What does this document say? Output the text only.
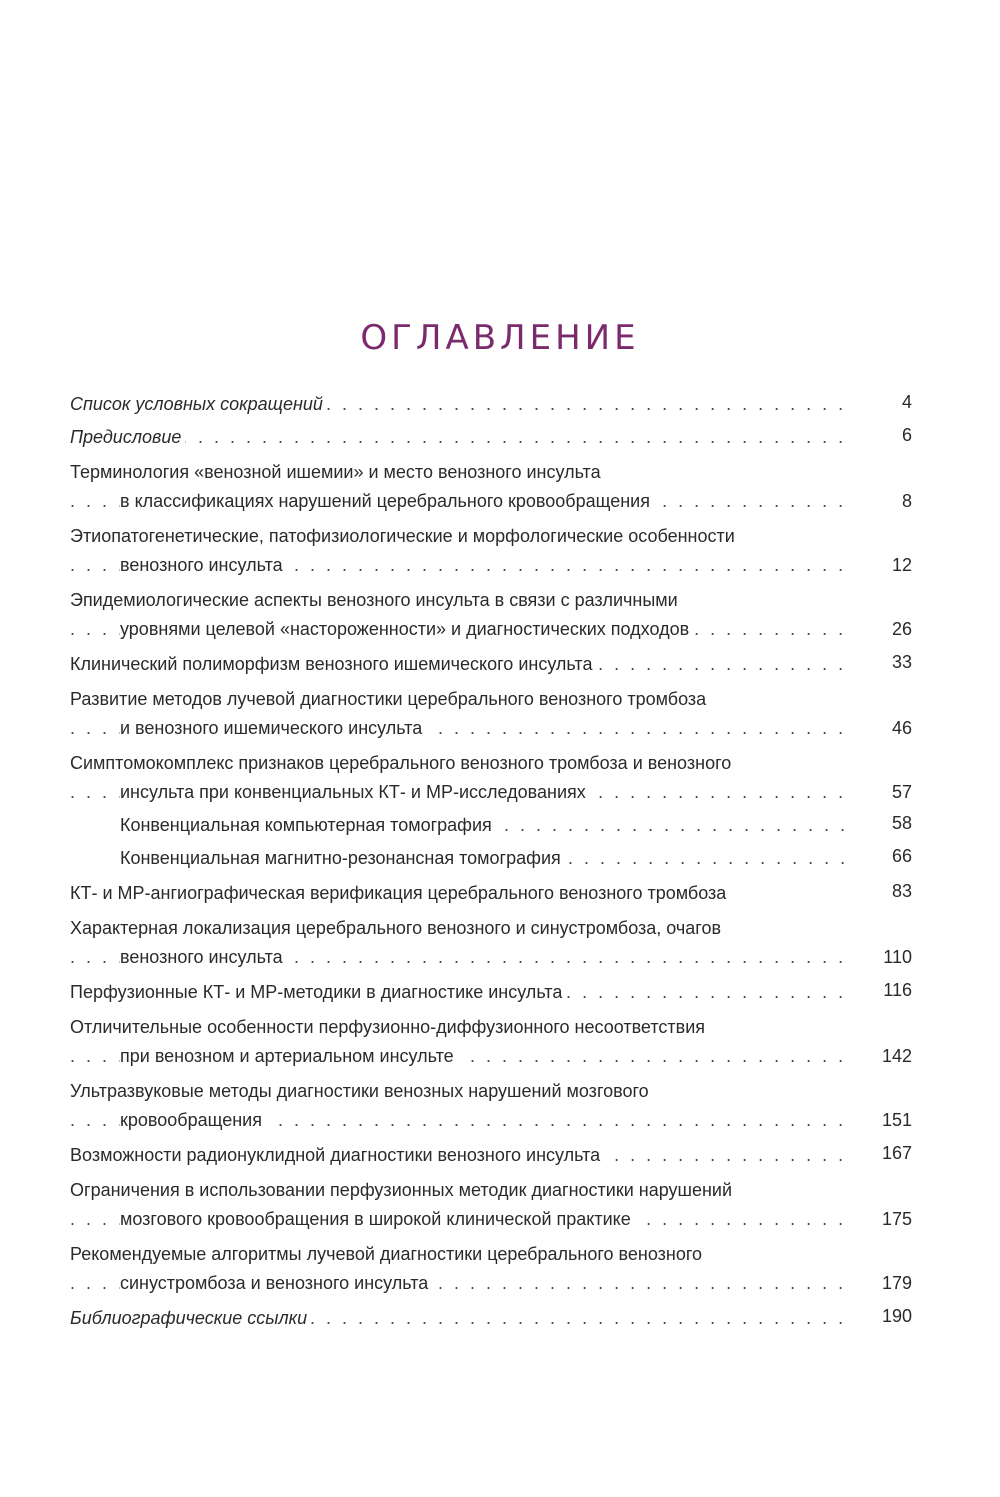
ОГЛАВЛЕНИЕ
Список условных сокращений . . .	4
Предисловие . . .	6
Терминология «венозной ишемии» и место венозного инсульта
в классификациях нарушений церебрального кровообращения . . .	8
Этиопатогенетические, патофизиологические и морфологические особенности
венозного инсульта . . .	12
Эпидемиологические аспекты венозного инсульта в связи с различными
уровнями целевой «настороженности» и диагностических подходов . . .	26
Клинический полиморфизм венозного ишемического инсульта . . .	33
Развитие методов лучевой диагностики церебрального венозного тромбоза
и венозного ишемического инсульта . . .	46
Симптомокомплекс признаков церебрального венозного тромбоза и венозного
инсульта при конвенциальных КТ- и МР-исследованиях . . .	57
Конвенциальная компьютерная томография . . .	58
Конвенциальная магнитно-резонансная томография . . .	66
КТ- и МР-ангиографическая верификация церебрального венозного тромбоза	83
Характерная локализация церебрального венозного и синустромбоза, очагов
венозного инсульта . . .	110
Перфузионные КТ- и МР-методики в диагностике инсульта . . .	116
Отличительные особенности перфузионно-диффузионного несоответствия
при венозном и артериальном инсульте . . .	142
Ультразвуковые методы диагностики венозных нарушений мозгового
кровообращения . . .	151
Возможности радионуклидной диагностики венозного инсульта . . .	167
Ограничения в использовании перфузионных методик диагностики нарушений
мозгового кровообращения в широкой клинической практике . . .	175
Рекомендуемые алгоритмы лучевой диагностики церебрального венозного
синустромбоза и венозного инсульта . . .	179
Библиографические ссылки . . .	190
